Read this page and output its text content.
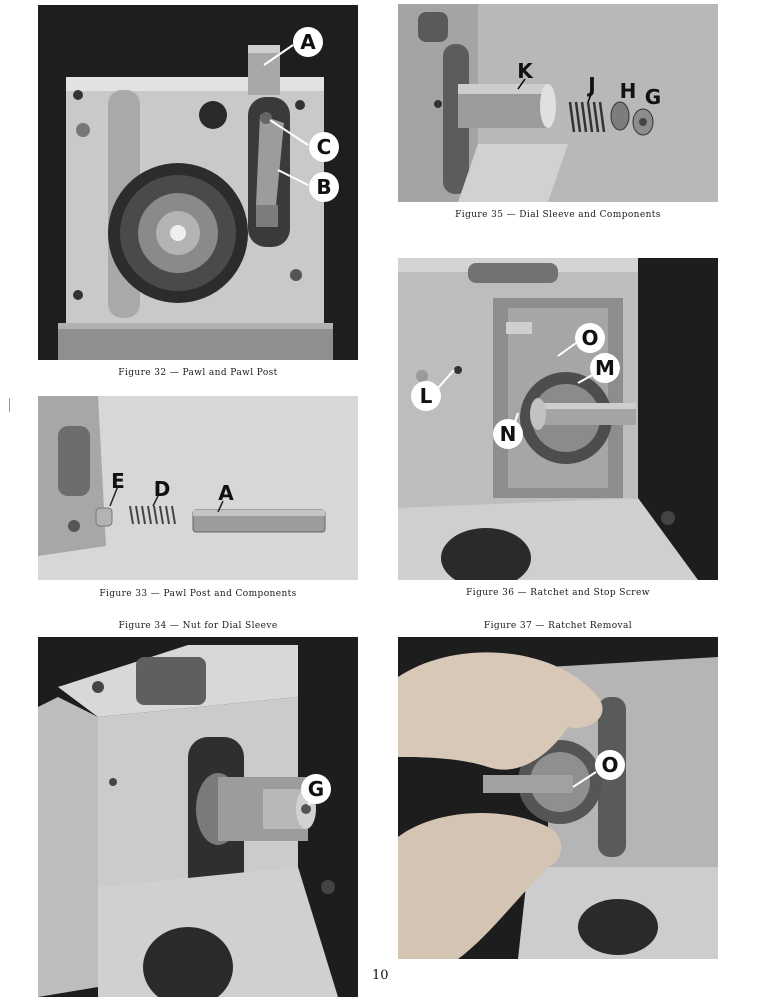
A
C
B
Figure 32 — Pawl and Pawl Post
E D A
Figure 33 — Pawl Post and Components
Figure 34 — Nut for Dial Sleeve
G
K
J H G
Figure 35 — Dial Sleeve and Components
O
M
L
N
Figure 36 — Ratchet and Stop Screw
Figure 37 — Ratchet Removal
O
10
